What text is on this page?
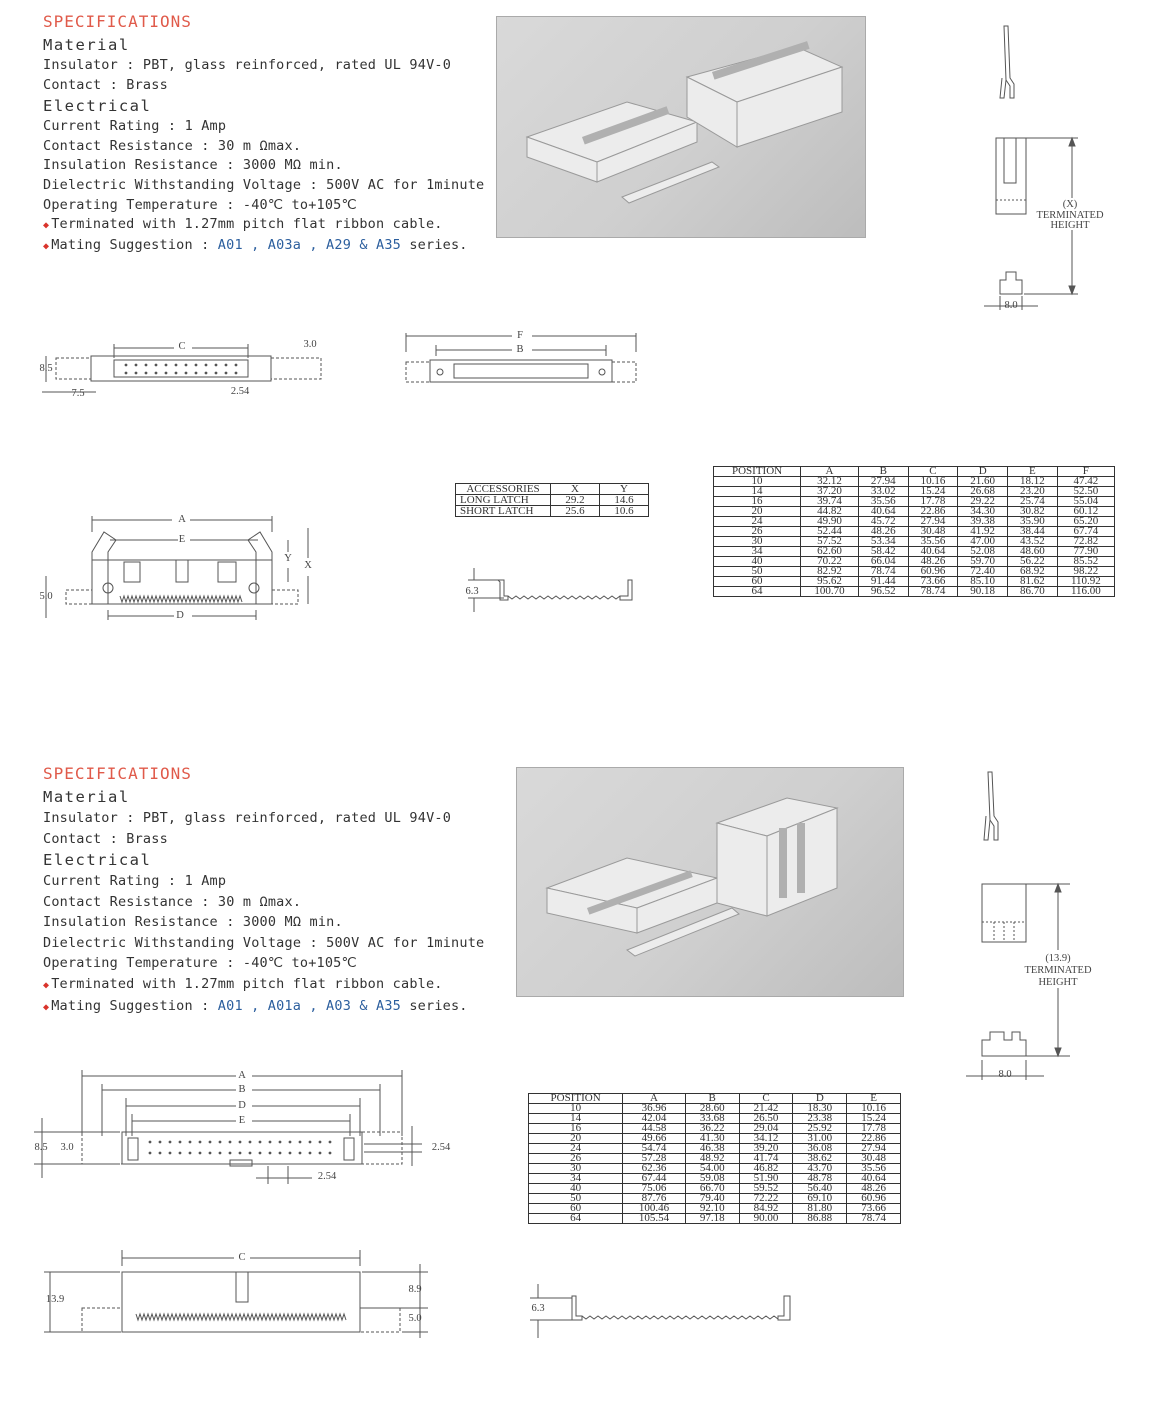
SPECIFICATIONS
Material
Insulator : PBT, glass reinforced, rated UL 94V-0
Contact : Brass
Electrical
Current Rating : 1 Amp
Contact Resistance : 30 m Ωmax.
Insulation Resistance : 3000 MΩ min.
Dielectric Withstanding Voltage : 500V AC for 1minute
Operating Temperature : -40℃ to+105℃
◆ Terminated with 1.27mm pitch flat ribbon cable.
◆ Mating Suggestion : A01 , A03a , A29 & A35 series.
(X)
TERMINATED
HEIGHT
8.0
C	3.0
8.5
7.5	2.54
F
B
A
E
Y
X
D
5.0
ACCESSORIES	X	Y
LONG LATCH	29.2	14.6
SHORT LATCH	25.6	10.6
6.3
POSITION	A	B	C	D	E	F
10	32.12	27.94	10.16	21.60	18.12	47.42
14	37.20	33.02	15.24	26.68	23.20	52.50
16	39.74	35.56	17.78	29.22	25.74	55.04
20	44.82	40.64	22.86	34.30	30.82	60.12
24	49.90	45.72	27.94	39.38	35.90	65.20
26	52.44	48.26	30.48	41.92	38.44	67.74
30	57.52	53.34	35.56	47.00	43.52	72.82
34	62.60	58.42	40.64	52.08	48.60	77.90
40	70.22	66.04	48.26	59.70	56.22	85.52
50	82.92	78.74	60.96	72.40	68.92	98.22
60	95.62	91.44	73.66	85.10	81.62	110.92
64	100.70	96.52	78.74	90.18	86.70	116.00
SPECIFICATIONS
Material
Insulator : PBT, glass reinforced, rated UL 94V-0
Contact : Brass
Electrical
Current Rating : 1 Amp
Contact Resistance : 30 m Ωmax.
Insulation Resistance : 3000 MΩ min.
Dielectric Withstanding Voltage : 500V AC for 1minute
Operating Temperature : -40℃ to+105℃
◆ Terminated with 1.27mm pitch flat ribbon cable.
◆ Mating Suggestion : A01 , A01a , A03 & A35 series.
(13.9)
TERMINATED
HEIGHT
8.0
A
B
D
E
8.5	3.0	2.54
2.54
C
13.9
8.9
5.0
POSITION	A	B	C	D	E
10	36.96	28.60	21.42	18.30	10.16
14	42.04	33.68	26.50	23.38	15.24
16	44.58	36.22	29.04	25.92	17.78
20	49.66	41.30	34.12	31.00	22.86
24	54.74	46.38	39.20	36.08	27.94
26	57.28	48.92	41.74	38.62	30.48
30	62.36	54.00	46.82	43.70	35.56
34	67.44	59.08	51.90	48.78	40.64
40	75.06	66.70	59.52	56.40	48.26
50	87.76	79.40	72.22	69.10	60.96
60	100.46	92.10	84.92	81.80	73.66
64	105.54	97.18	90.00	86.88	78.74
6.3
